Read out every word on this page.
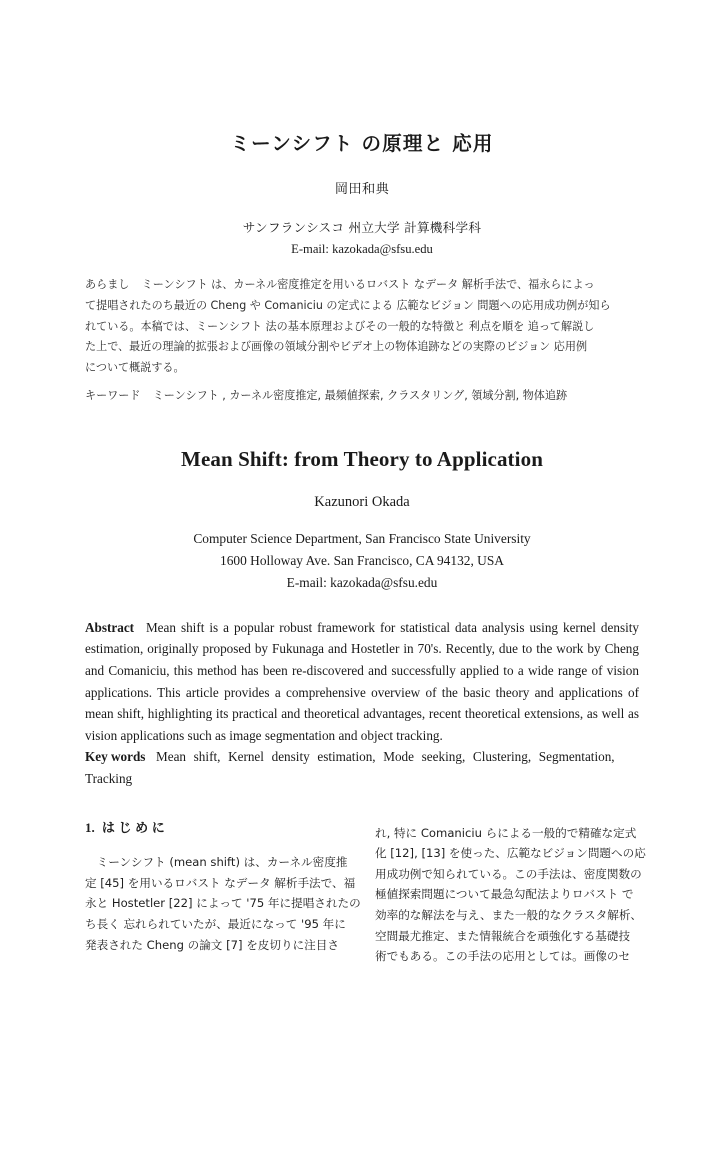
ミーンシフト の原理と 応用
岡田和典
サンフランシスコ 州立大学 計算機科学科
E-mail: kazokada@sfsu.edu
あらまし ミーンシフト は、カーネル密度推定を用いるロバスト なデータ 解析手法で、福永らによっ
て提唱されたのち最近の Cheng や Comaniciu の定式による 広範なビジョン 問題への応用成功例が知ら
れている。本稿では、ミーンシフト 法の基本原理およびその一般的な特徴と 利点を順を 追って解説し
た上で、最近の理論的拡張および画像の領域分割やビデオ上の物体追跡などの実際のビジョン 応用例
について概説する。
キーワード ミーンシフト , カーネル密度推定, 最頻値探索, クラスタリング, 領域分割, 物体追跡
Mean Shift: from Theory to Application
Kazunori Okada
Computer Science Department, San Francisco State University
1600 Holloway Ave. San Francisco, CA 94132, USA
E-mail: kazokada@sfsu.edu
Abstract Mean shift is a popular robust framework for statistical data analysis using kernel density estimation, originally proposed by Fukunaga and Hostetler in 70's. Recently, due to the work by Cheng and Comaniciu, this method has been re-discovered and successfully applied to a wide range of vision applications. This article provides a comprehensive overview of the basic theory and applications of mean shift, highlighting its practical and theoretical advantages, recent theoretical extensions, as well as vision applications such as image segmentation and object tracking.
Key words Mean shift, Kernel density estimation, Mode seeking, Clustering, Segmentation,
Tracking
1. はじめに
ミーンシフト (mean shift) は、カーネル密度推
定 [45] を用いるロバスト なデータ 解析手法で、福
永と Hostetler [22] によって '75 年に提唱されたの
ち長く 忘れられていたが、最近になって '95 年に
発表された Cheng の論文 [7] を皮切りに注目さ
れ, 特に Comaniciu らによる一般的で精確な定式
化 [12], [13] を使った、広範なビジョン問題への応
用成功例で知られている。この手法は、密度関数の
極値探索問題について最急勾配法よりロバスト で
効率的な解法を与え、また一般的なクラスタ解析、
空間最尤推定、また情報統合を頑強化する基礎技
術でもある。この手法の応用としては。画像のセ
